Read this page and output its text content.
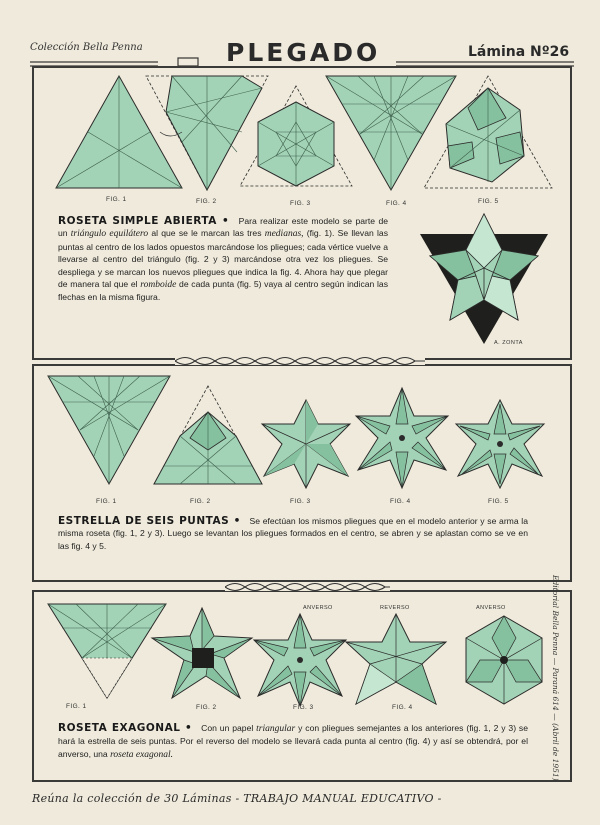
Colección Bella Penna	PLEGADO	Lámina Nº26
FIG. 1	FIG. 2	FIG. 3	FIG. 4	FIG. 5
ROSETA SIMPLE ABIERTA • Para realizar este modelo se parte de un triángulo equilátero al que se le marcan las tres medianas, (fig. 1). Se llevan las puntas al centro de los lados opuestos marcándose los pliegues; cada vértice vuelve a llevarse al centro del triángulo (fig. 2 y 3) marcándose otra vez los pliegues. Se despliega y se marcan los nuevos pliegues que indica la fig. 4. Ahora hay que plegar de manera tal que el romboide de cada punta (fig. 5) vaya al centro según indican las flechas en la misma figura.
A. ZONTA
FIG. 1	FIG. 2	FIG. 3	FIG. 4	FIG. 5
ESTRELLA DE SEIS PUNTAS • Se efectúan los mismos pliegues que en el modelo anterior y se arma la misma roseta (fig. 1, 2 y 3). Luego se levantan los pliegues formados en el centro, se abren y se aplastan como se ve en las fig. 4 y 5.
FIG. 1	FIG. 2
ANVERSO
FIG. 3
REVERSO
FIG. 4
ANVERSO
ROSETA EXAGONAL • Con un papel triangular y con pliegues semejantes a los anteriores (fig. 1, 2 y 3) se hará la estrella de seis puntas. Por el reverso del modelo se llevará cada punta al centro (fig. 4) y así se obtendrá, por el anverso, una roseta exagonal.	Editorial Bella Penna — Paraná 614 — (Abril de 1951)
Reúna la colección de 30 Láminas - TRABAJO MANUAL EDUCATIVO -
